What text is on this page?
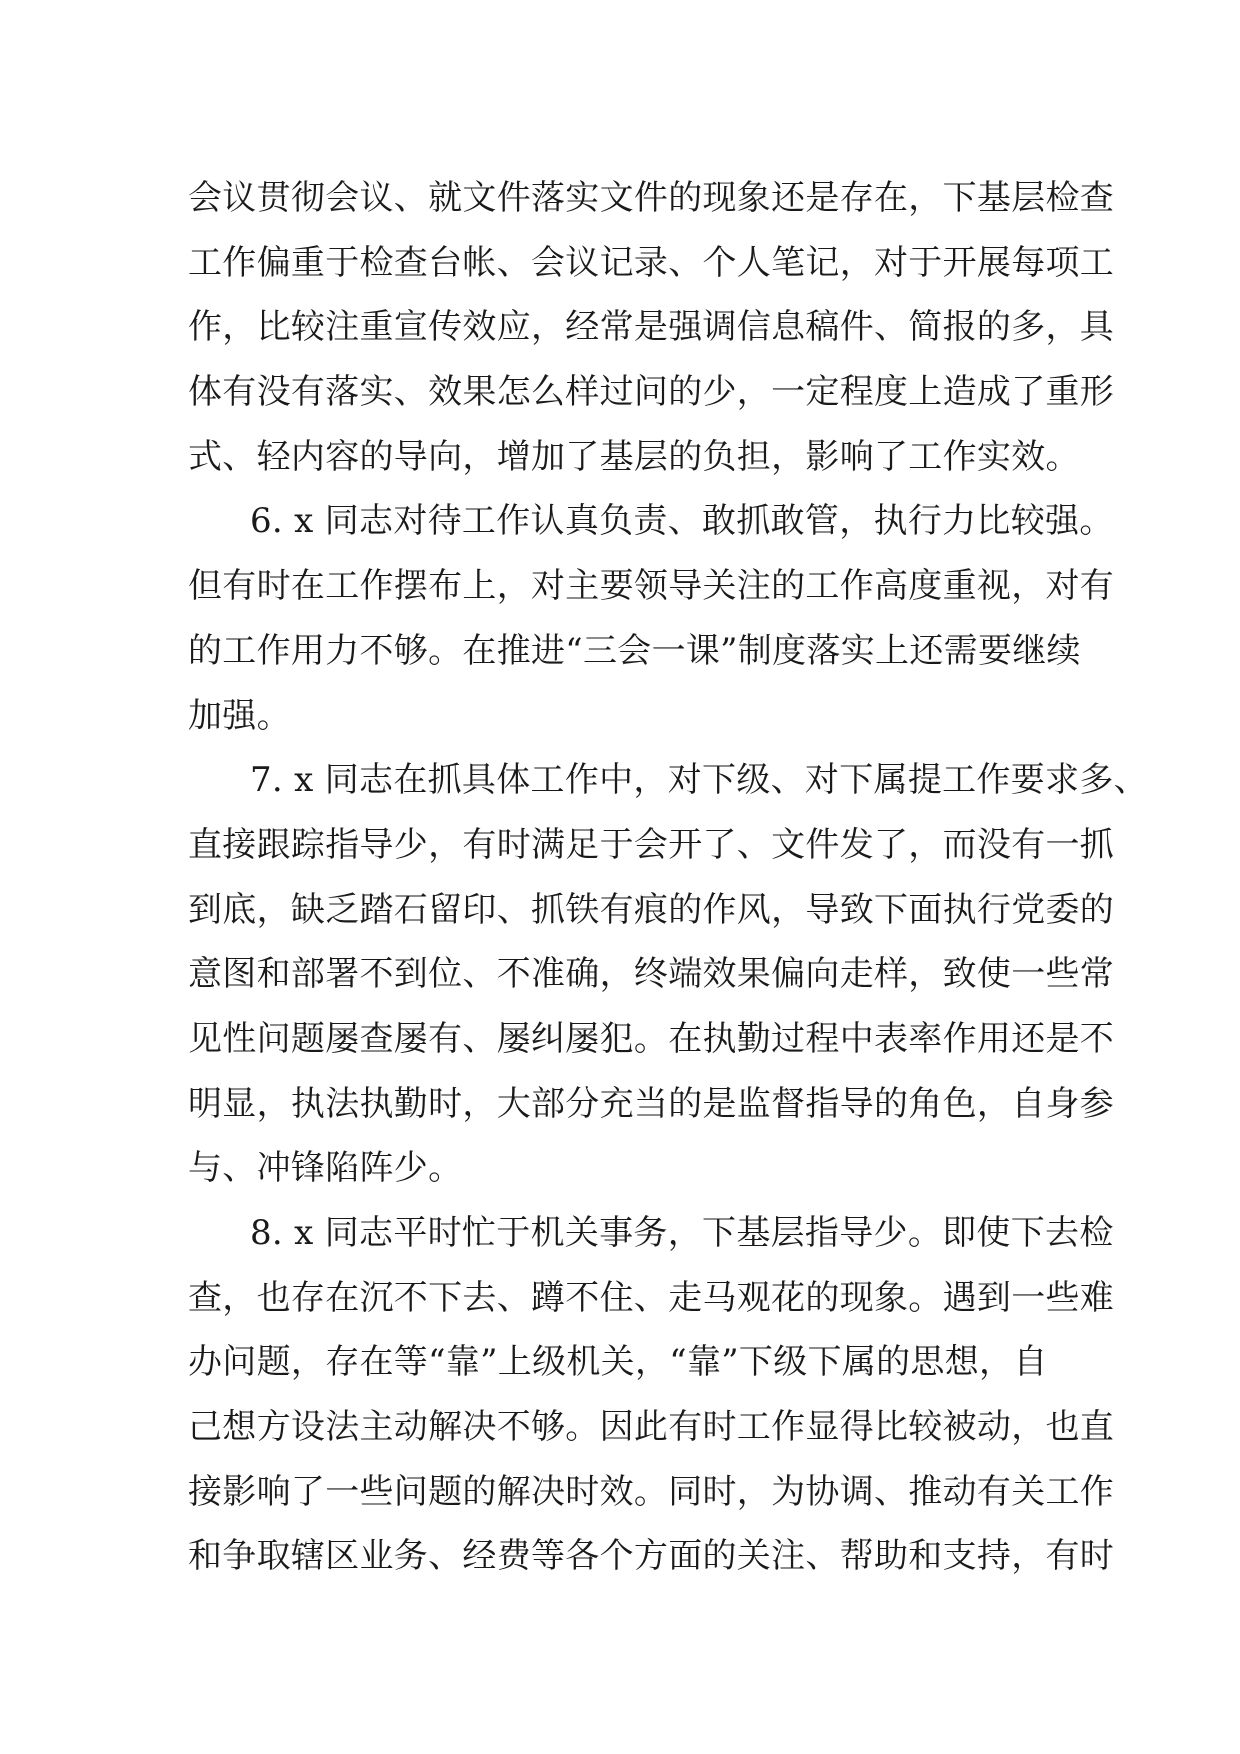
会议贯彻会议、就文件落实文件的现象还是存在，下基层检查
工作偏重于检查台帐、会议记录、个人笔记，对于开展每项工
作，比较注重宣传效应，经常是强调信息稿件、简报的多，具
体有没有落实、效果怎么样过问的少，一定程度上造成了重形
式、轻内容的导向，增加了基层的负担，影响了工作实效。
6. x 同志对待工作认真负责、敢抓敢管，执行力比较强。
但有时在工作摆布上，对主要领导关注的工作高度重视，对有
的工作用力不够。在推进“三会一课”制度落实上还需要继续
加强。
7. x 同志在抓具体工作中，对下级、对下属提工作要求多、
直接跟踪指导少，有时满足于会开了、文件发了，而没有一抓
到底，缺乏踏石留印、抓铁有痕的作风，导致下面执行党委的
意图和部署不到位、不准确，终端效果偏向走样，致使一些常
见性问题屡查屡有、屡纠屡犯。在执勤过程中表率作用还是不
明显，执法执勤时，大部分充当的是监督指导的角色，自身参
与、冲锋陷阵少。
8. x 同志平时忙于机关事务，下基层指导少。即使下去检
查，也存在沉不下去、蹲不住、走马观花的现象。遇到一些难
办问题，存在等“靠”上级机关，“靠”下级下属的思想，自
己想方设法主动解决不够。因此有时工作显得比较被动，也直
接影响了一些问题的解决时效。同时，为协调、推动有关工作
和争取辖区业务、经费等各个方面的关注、帮助和支持，有时
